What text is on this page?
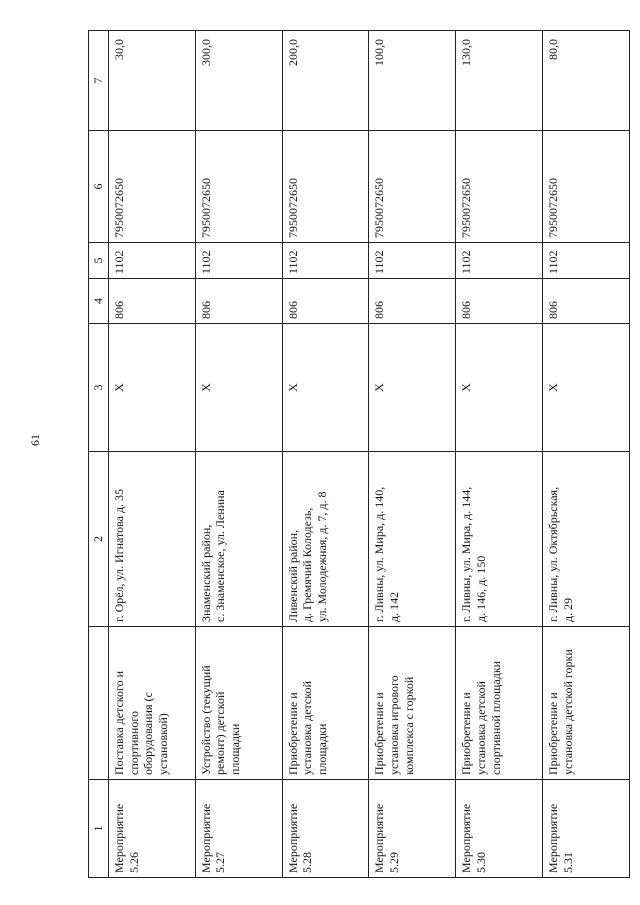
61
1		2	3	4	5	6	7

Мероприятие
5.26	Поставка детского и
спортивного
оборудования (с
установкой)	г. Орёл, ул. Игнатова д. 35	X	806	1102	7950072650	30,0

Мероприятие
5.27	Устройство (текущий
ремонт) детской
площадки	Знаменский район,
с. Знаменское, ул. Ленина	X	806	1102	7950072650	300,0

Мероприятие
5.28	Приобретение и
установка детской
площадки	Ливенский район,
д. Гремячий Колодезь,
ул. Молодежная, д. 7, д. 8	X	806	1102	7950072650	200,0

Мероприятие
5.29	Приобретение и
установка игрового
комплекса с горкой	г. Ливны, ул. Мира, д. 140,
д. 142	X	806	1102	7950072650	100,0

Мероприятие
5.30	Приобретение и
установка детской
спортивной площадки	г. Ливны, ул. Мира, д. 144,
д. 146, д. 150	X	806	1102	7950072650	130,0

Мероприятие
5.31	Приобретение и
установка детской горки	г. Ливны, ул. Октябрьская,
д. 29	X	806	1102	7950072650	80,0
